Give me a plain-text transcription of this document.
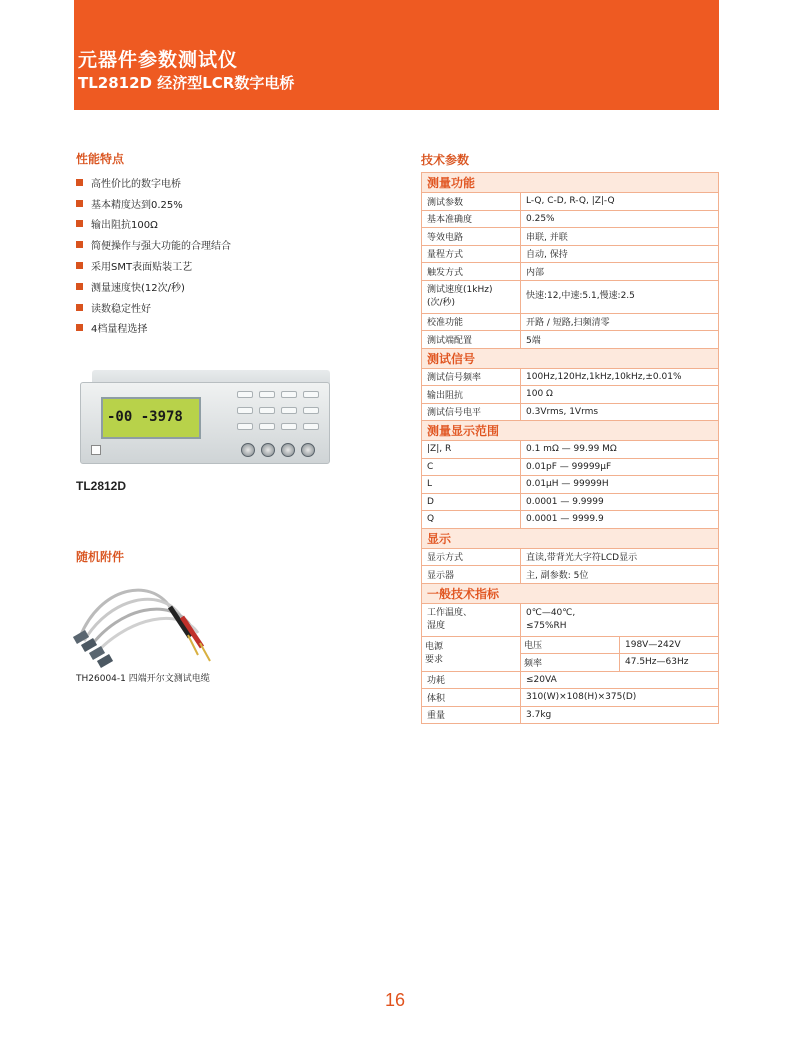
元器件参数测试仪
TL2812D 经济型LCR数字电桥
性能特点
高性价比的数字电桥
基本精度达到0.25%
输出阻抗100Ω
简便操作与强大功能的合理结合
采用SMT表面贴装工艺
测量速度快(12次/秒)
读数稳定性好
4档量程选择
-00 -3978
TL2812D
随机附件
TH26004-1 四端开尔文测试电缆
技术参数
测量功能		
测试参数	L-Q, C-D, R-Q, |Z|-Q	
基本准确度	0.25%	
等效电路	串联, 并联	
量程方式	自动, 保持	
触发方式	内部	
测试速度(1kHz)
(次/秒)	快速:12,中速:5.1,慢速:2.5	
校准功能	开路 / 短路,扫频清零	
测试端配置	5端	
测试信号		
测试信号频率	100Hz,120Hz,1kHz,10kHz,±0.01%	
输出阻抗	100 Ω	
测试信号电平	0.3Vrms, 1Vrms	
测量显示范围		
|Z|, R	0.1 mΩ — 99.99 MΩ	
C	0.01pF — 99999μF	
L	0.01μH — 99999H	
D	0.0001 — 9.9999	
Q	0.0001 — 9999.9	
显示		
显示方式	直读,带背光大字符LCD显示	
显示器	主, 副参数: 5位	
一般技术指标		
工作温度、
湿度	0℃—40℃,
≤75%RH	
电源
要求	电压	198V—242V
	频率	47.5Hz—63Hz
功耗	≤20VA	
体积	310(W)×108(H)×375(D)	
重量	3.7kg	
16
